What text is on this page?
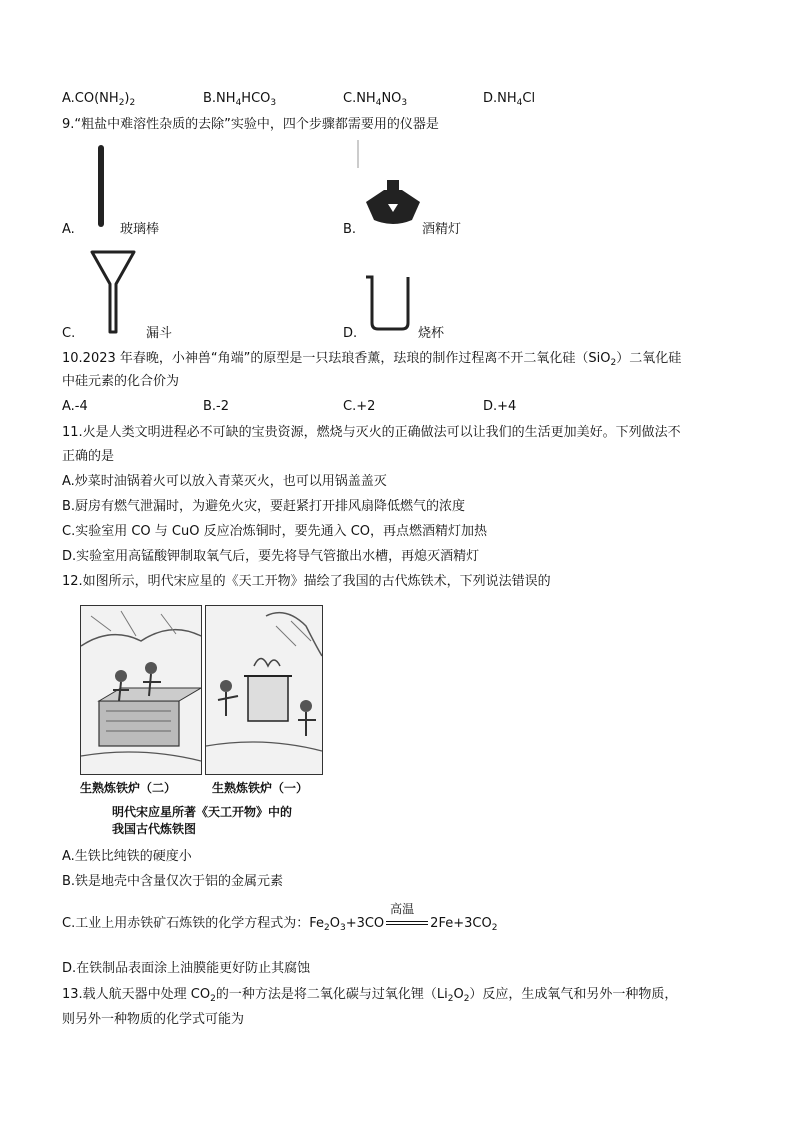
$A.CO(NH_2)_2$	$B.NH_4HCO_3$	$C.NH_4NO_3$	$D.NH_4Cl$
9.“粗盐中难溶性杂质的去除”实验中，四个步骤都需要用的仪器是
A.	玻璃棒	B.	酒精灯
C.	漏斗	D.	烧杯
10.2023 年春晚，小神兽“角端”的原型是一只珐琅香薰，珐琅的制作过程离不开二氧化硅（SiO$_2$）二氧化硅
中硅元素的化合价为
A.-4	B.-2	C.+2	D.+4
11.火是人类文明进程必不可缺的宝贵资源，燃烧与灭火的正确做法可以让我们的生活更加美好。下列做法不
正确的是
A.炒菜时油锅着火可以放入青菜灭火，也可以用锅盖盖灭
B.厨房有燃气泄漏时，为避免火灾，要赶紧打开排风扇降低燃气的浓度
C.实验室用 CO 与 CuO 反应冶炼铜时，要先通入 CO，再点燃酒精灯加热
D.实验室用高锰酸钾制取氧气后，要先将导气管撤出水槽，再熄灭酒精灯
12.如图所示，明代宋应星的《天工开物》描绘了我国的古代炼铁术，下列说法错误的
生熟炼铁炉（二）	生熟炼铁炉（一）
明代宋应星所著《天工开物》中的
我国古代炼铁图
A.生铁比纯铁的硬度小
B.铁是地壳中含量仅次于铝的金属元素
C.工业上用赤铁矿石炼铁的化学方程式为：$Fe_2O_3+3CO$
高温
$2Fe+3CO_2$
D.在铁制品表面涂上油膜能更好防止其腐蚀
13.载人航天器中处理 $CO_2$的一种方法是将二氧化碳与过氧化锂$(Li_2O_2)$反应，生成氧气和另外一种物质，
则另外一种物质的化学式可能为
